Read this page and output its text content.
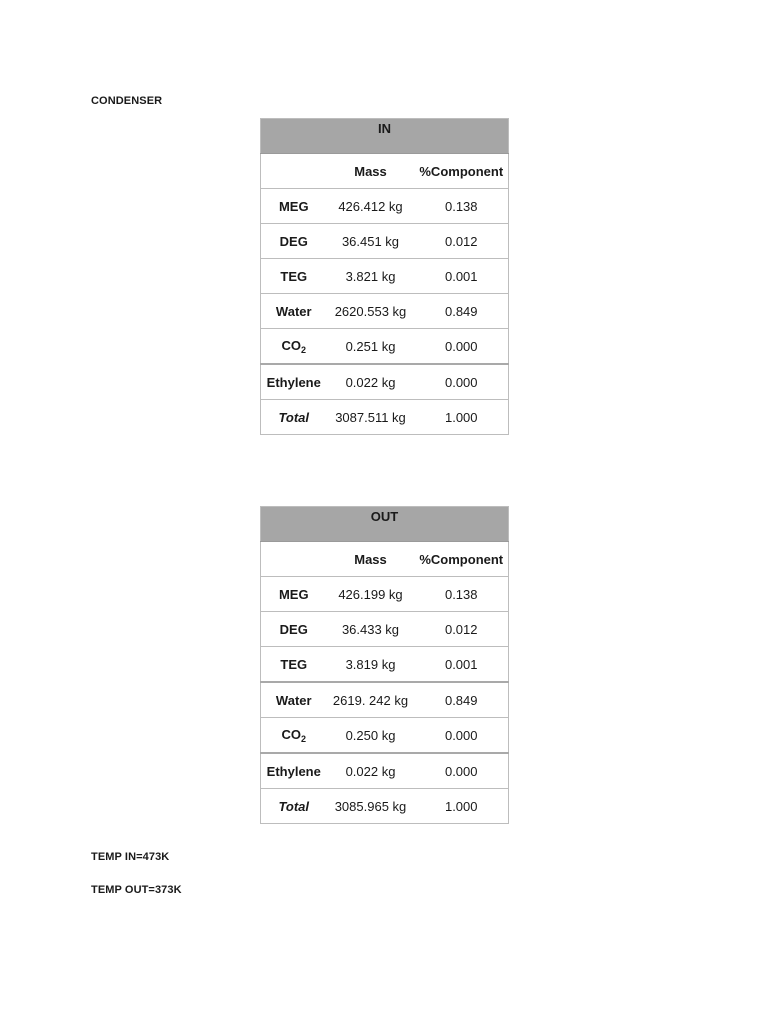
CONDENSER
IN		
	Mass	%Component
MEG	426.412 kg	0.138
DEG	36.451 kg	0.012
TEG	3.821 kg	0.001
Water	2620.553 kg	0.849
$CO_2$	0.251 kg	0.000
Ethylene	0.022 kg	0.000
Total	3087.511 kg	1.000
OUT		
	Mass	%Component
MEG	426.199 kg	0.138
DEG	36.433 kg	0.012
TEG	3.819 kg	0.001
Water	2619. 242 kg	0.849
$CO_2$	0.250 kg	0.000
Ethylene	0.022 kg	0.000
Total	3085.965 kg	1.000
TEMP IN=473K
TEMP OUT=373K
